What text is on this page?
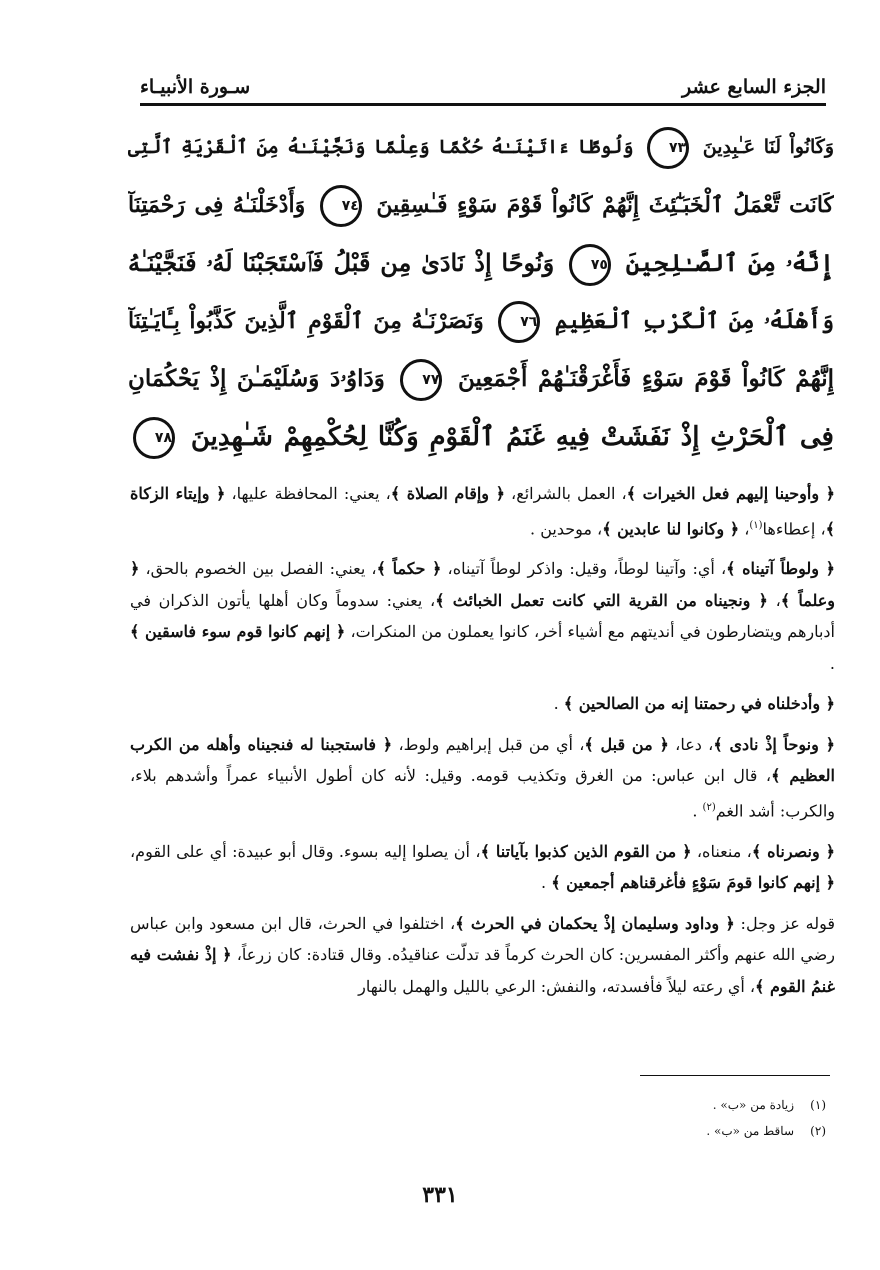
الجزء السابع عشر
سـورة الأنبيـاء
وَكَانُواْ لَنَا عَـٰبِدِينَ ٧٣ وَلُوطًا ءَاتَيْنَـٰهُ حُكْمًا وَعِلْمًا وَنَجَّيْنَـٰهُ مِنَ ٱلْقَرْيَةِ ٱلَّتِى
كَانَت تَّعْمَلُ ٱلْخَبَـٰٓئِثَ إِنَّهُمْ كَانُواْ قَوْمَ سَوْءٍ فَـٰسِقِينَ ٧٤ وَأَدْخَلْنَـٰهُ فِى رَحْمَتِنَآ
إِنَّهُۥ مِنَ ٱلصَّـٰلِحِينَ ٧٥ وَنُوحًا إِذْ نَادَىٰ مِن قَبْلُ فَٱسْتَجَبْنَا لَهُۥ فَنَجَّيْنَـٰهُ
وَأَهْلَهُۥ مِنَ ٱلْكَرْبِ ٱلْعَظِيمِ ٧٦ وَنَصَرْنَـٰهُ مِنَ ٱلْقَوْمِ ٱلَّذِينَ كَذَّبُواْ بِـَٔايَـٰتِنَآ
إِنَّهُمْ كَانُواْ قَوْمَ سَوْءٍ فَأَغْرَقْنَـٰهُمْ أَجْمَعِينَ ٧٧ وَدَاوُۥدَ وَسُلَيْمَـٰنَ إِذْ يَحْكُمَانِ
فِى ٱلْحَرْثِ إِذْ نَفَشَتْ فِيهِ غَنَمُ ٱلْقَوْمِ وَكُنَّا لِحُكْمِهِمْ شَـٰهِدِينَ ٧٨

﴿ وأوحينا إليهم فعل الخيرات ﴾، العمل بالشرائع، ﴿ وإقام الصلاة ﴾، يعني: المحافظة عليها، ﴿ وإيتاء الزكاة ﴾، إعطاءها$^{(١)}$، ﴿ وكانوا لنا عابدين ﴾، موحدين .

﴿ ولوطاً آتيناه ﴾، أي: وآتينا لوطاً، وقيل: واذكر لوطاً آتيناه، ﴿ حكماً ﴾، يعني: الفصل بين الخصوم بالحق، ﴿ وعلماً ﴾، ﴿ ونجيناه من القرية التي كانت تعمل الخبائث ﴾، يعني: سدوماً وكان أهلها يأتون الذكران في أدبارهم ويتضارطون في أنديتهم مع أشياء أخر، كانوا يعملون من المنكرات، ﴿ إنهم كانوا قوم سوء فاسقين ﴾ .

﴿ وأدخلناه في رحمتنا إنه من الصالحين ﴾ .

﴿ ونوحاً إذْ نادى ﴾، دعا، ﴿ من قبل ﴾، أي من قبل إبراهيم ولوط، ﴿ فاستجبنا له فنجيناه وأهله من الكرب العظيم ﴾، قال ابن عباس: من الغرق وتكذيب قومه. وقيل: لأنه كان أطول الأنبياء عمراً وأشدهم بلاء، والكرب: أشد الغم$^{(٢)}$ .

﴿ ونصرناه ﴾، منعناه، ﴿ من القوم الذين كذبوا بآياتنا ﴾، أن يصلوا إليه بسوء. وقال أبو عبيدة: أي على القوم، ﴿ إنهم كانوا قومَ سَوْءٍ فأغرقناهم أجمعين ﴾ .

قوله عز وجل: ﴿ وداود وسليمان إذْ يحكمان في الحرث ﴾، اختلفوا في الحرث، قال ابن مسعود وابن عباس رضي الله عنهم وأكثر المفسرين: كان الحرث كرماً قد تدلّت عناقيدُه. وقال قتادة: كان زرعاً، ﴿ إذْ نفشت فيه غنمُ القوم ﴾، أي رعته ليلاً فأفسدته، والنفش: الرعي بالليل والهمل بالنهار

(١)زيادة من «ب» .
(٢)ساقط من «ب» .
٣٣١
